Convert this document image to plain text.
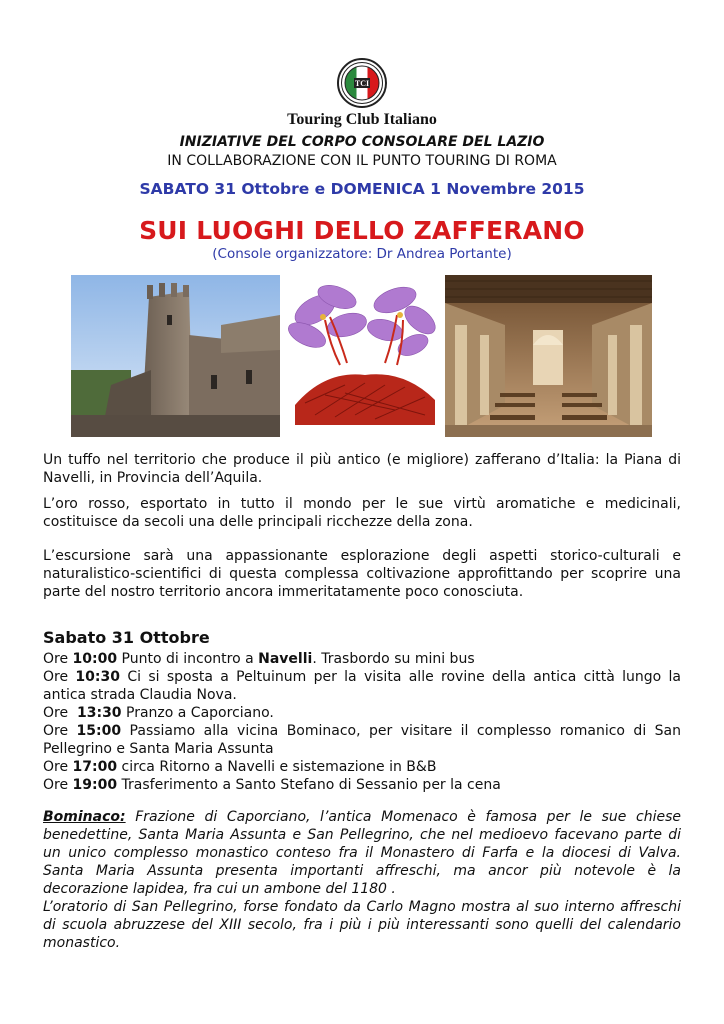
TCI
Touring Club Italiano
INIZIATIVE DEL CORPO CONSOLARE DEL LAZIO
IN COLLABORAZIONE CON IL PUNTO TOURING DI ROMA
SABATO 31 Ottobre e DOMENICA 1 Novembre 2015
SUI LUOGHI DELLO ZAFFERANO
(Console organizzatore: Dr Andrea Portante)

Un tuffo nel territorio che produce il più antico (e migliore) zafferano d’Italia: la Piana di Navelli, in Provincia dell’Aquila.

L’oro rosso, esportato in tutto il mondo per le sue virtù aromatiche e medicinali, costituisce da secoli una delle principali ricchezze della zona.

L’escursione sarà una appassionante esplorazione degli aspetti storico-culturali e naturalistico-scientifici di questa complessa coltivazione approfittando per scoprire una parte del nostro territorio ancora immeritatamente poco conosciuta.

Sabato 31 Ottobre

Ore 10:00 Punto di incontro a Navelli. Trasbordo su mini bus

Ore 10:30 Ci si sposta a Peltuinum per la visita alle rovine della antica città lungo la antica strada Claudia Nova.

Ore  13:30 Pranzo a Caporciano.

Ore 15:00 Passiamo alla vicina Bominaco, per visitare il complesso romanico di San Pellegrino e Santa Maria Assunta

Ore 17:00 circa Ritorno a Navelli e sistemazione in B&B

Ore 19:00 Trasferimento a Santo Stefano di Sessanio per la cena

Bominaco: Frazione di Caporciano, l’antica Momenaco è famosa per le sue chiese benedettine, Santa Maria Assunta e San Pellegrino, che nel medioevo facevano parte di un unico complesso monastico conteso fra il Monastero di Farfa e la diocesi di Valva. Santa Maria Assunta presenta importanti affreschi, ma ancor più notevole è la decorazione lapidea, fra cui un ambone del 1180 .
L’oratorio di San Pellegrino, forse fondato da Carlo Magno mostra al suo interno affreschi di scuola abruzzese del XIII secolo, fra i più i più interessanti sono quelli del calendario monastico.
